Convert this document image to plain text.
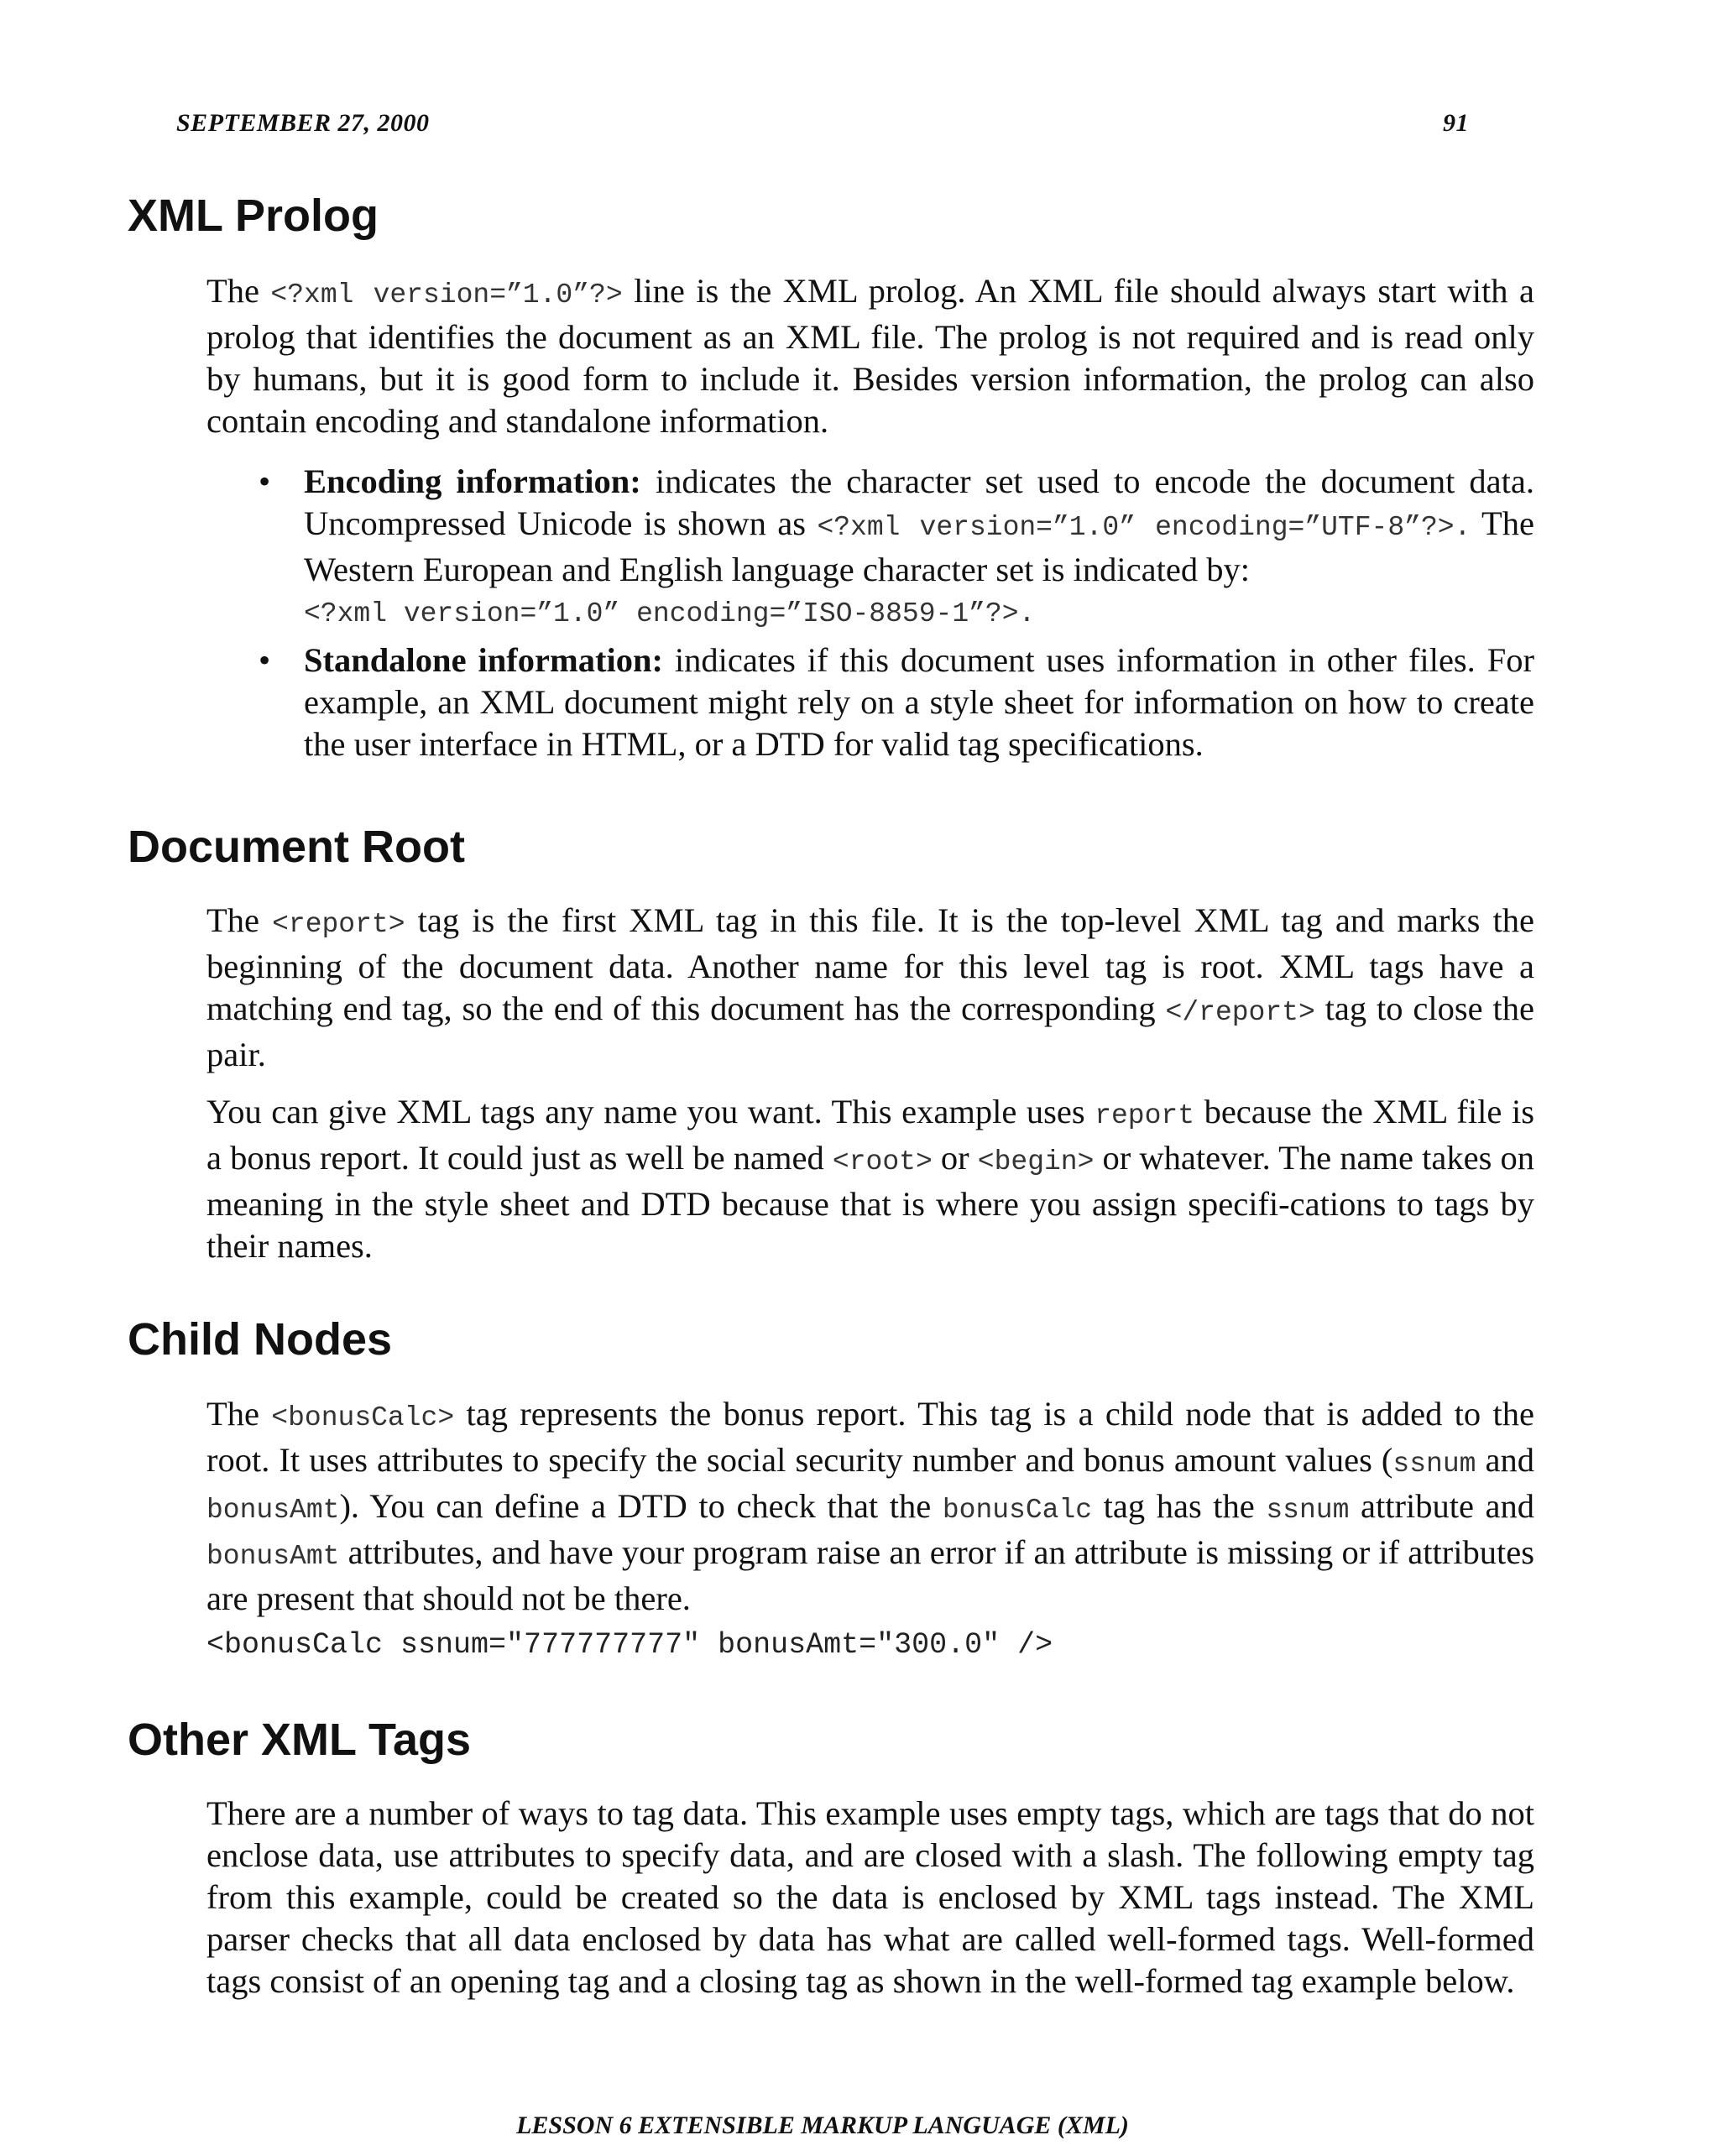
SEPTEMBER 27, 2000	91
XML Prolog

The <?xml version=”1.0”?> line is the XML prolog. An XML file should always start with a prolog that identifies the document as an XML file. The prolog is not required and is read only by humans, but it is good form to include it. Besides version information, the prolog can also contain encoding and standalone information.

• Encoding information: indicates the character set used to encode the document data. Uncompressed Unicode is shown as <?xml version=”1.0” encoding=”UTF-8”?>. The Western European and English language character set is indicated by:
<?xml version=”1.0” encoding=”ISO-8859-1”?>.
• Standalone information: indicates if this document uses information in other files. For example, an XML document might rely on a style sheet for information on how to create the user interface in HTML, or a DTD for valid tag specifications.
Document Root

The <report> tag is the first XML tag in this file. It is the top-level XML tag and marks the beginning of the document data. Another name for this level tag is root. XML tags have a matching end tag, so the end of this document has the corresponding </report> tag to close the pair.

You can give XML tags any name you want. This example uses report because the XML file is a bonus report. It could just as well be named <root> or <begin> or whatever. The name takes on meaning in the style sheet and DTD because that is where you assign specifi-cations to tags by their names.

Child Nodes

The <bonusCalc> tag represents the bonus report. This tag is a child node that is added to the root. It uses attributes to specify the social security number and bonus amount values (ssnum and bonusAmt). You can define a DTD to check that the bonusCalc tag has the ssnum attribute and bonusAmt attributes, and have your program raise an error if an attribute is missing or if attributes are present that should not be there.

<bonusCalc ssnum="777777777" bonusAmt="300.0" />
Other XML Tags

There are a number of ways to tag data. This example uses empty tags, which are tags that do not enclose data, use attributes to specify data, and are closed with a slash. The following empty tag from this example, could be created so the data is enclosed by XML tags instead. The XML parser checks that all data enclosed by data has what are called well-formed tags. Well-formed tags consist of an opening tag and a closing tag as shown in the well-formed tag example below.

LESSON 6 EXTENSIBLE MARKUP LANGUAGE (XML)
